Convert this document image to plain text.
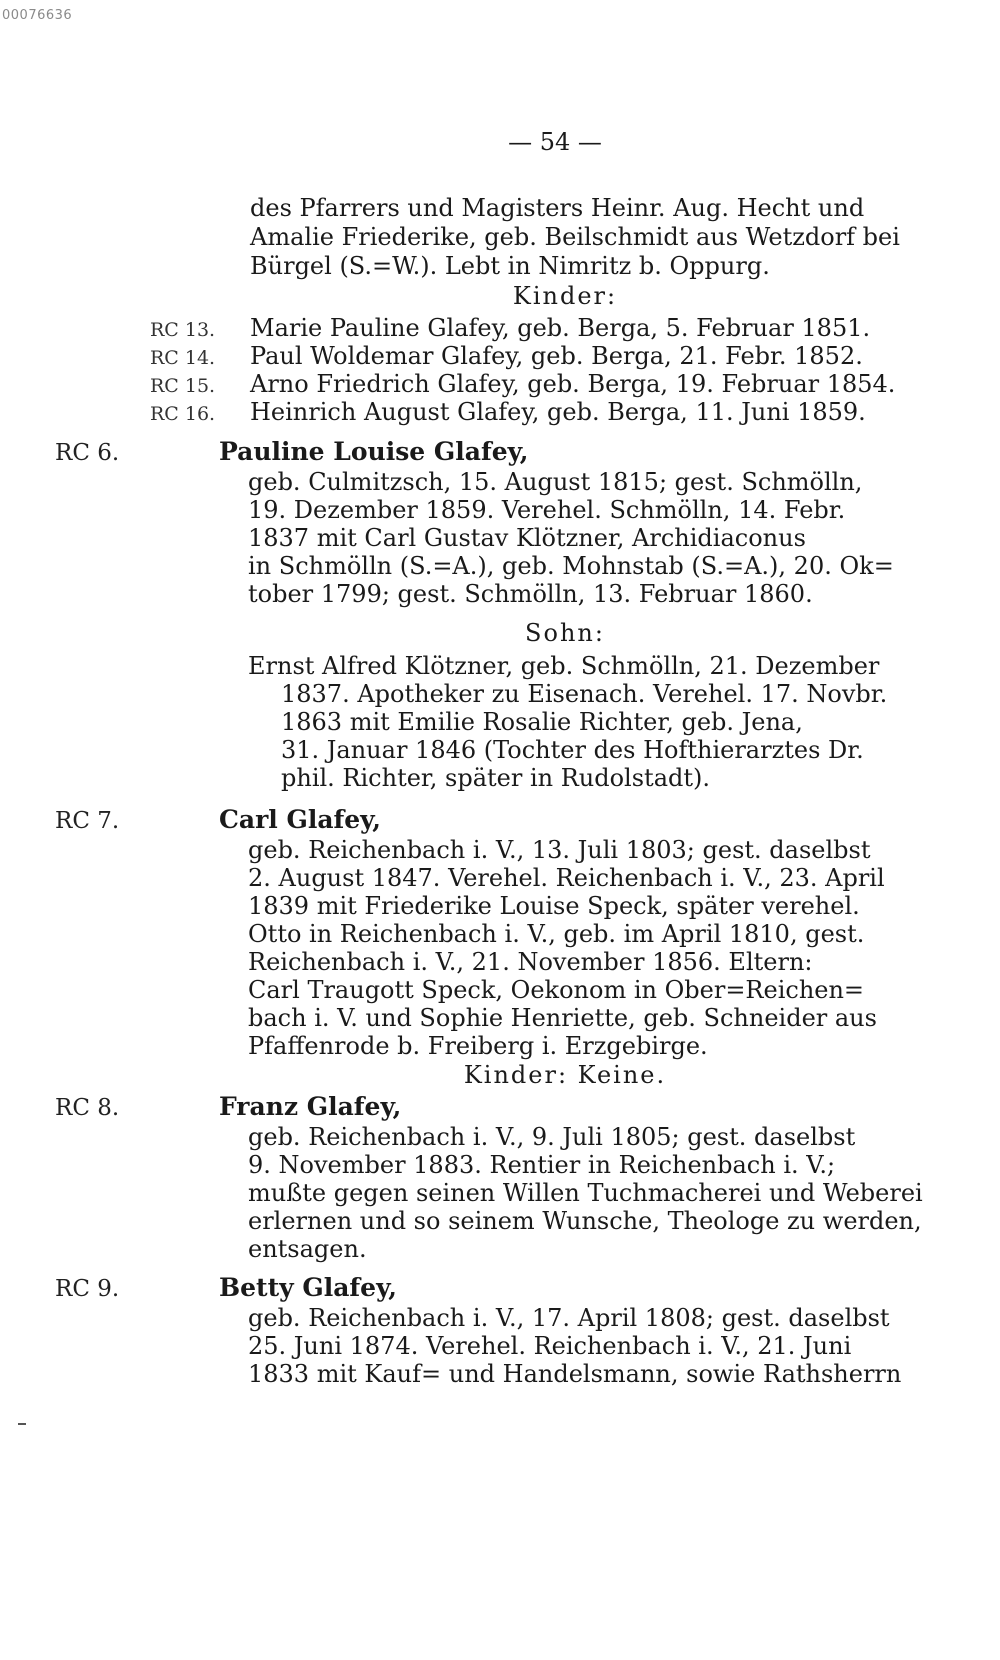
00076636
— 54 —
des Pfarrers und Magisters Heinr. Aug. Hecht und
Amalie Friederike, geb. Beilschmidt aus Wetzdorf bei
Bürgel (S.=W.). Lebt in Nimritz b. Oppurg.
Kinder:
RC 13. Marie Pauline Glafey, geb. Berga, 5. Februar 1851.
RC 14. Paul Woldemar Glafey, geb. Berga, 21. Febr. 1852.
RC 15. Arno Friedrich Glafey, geb. Berga, 19. Februar 1854.
RC 16. Heinrich August Glafey, geb. Berga, 11. Juni 1859.
RC 6.	Pauline Louise Glafey,
geb. Culmitzsch, 15. August 1815; gest. Schmölln,
19. Dezember 1859. Verehel. Schmölln, 14. Febr.
1837 mit Carl Gustav Klötzner, Archidiaconus
in Schmölln (S.=A.), geb. Mohnstab (S.=A.), 20. Ok=
tober 1799; gest. Schmölln, 13. Februar 1860.
Sohn:
Ernst Alfred Klötzner, geb. Schmölln, 21. Dezember
1837. Apotheker zu Eisenach. Verehel. 17. Novbr.
1863 mit Emilie Rosalie Richter, geb. Jena,
31. Januar 1846 (Tochter des Hofthierarztes Dr.
phil. Richter, später in Rudolstadt).
RC 7.	Carl Glafey,
geb. Reichenbach i. V., 13. Juli 1803; gest. daselbst
2. August 1847. Verehel. Reichenbach i. V., 23. April
1839 mit Friederike Louise Speck, später verehel.
Otto in Reichenbach i. V., geb. im April 1810, gest.
Reichenbach i. V., 21. November 1856. Eltern:
Carl Traugott Speck, Oekonom in Ober=Reichen=
bach i. V. und Sophie Henriette, geb. Schneider aus
Pfaffenrode b. Freiberg i. Erzgebirge.
Kinder: Keine.
RC 8.	Franz Glafey,
geb. Reichenbach i. V., 9. Juli 1805; gest. daselbst
9. November 1883. Rentier in Reichenbach i. V.;
mußte gegen seinen Willen Tuchmacherei und Weberei
erlernen und so seinem Wunsche, Theologe zu werden,
entsagen.
RC 9.	Betty Glafey,
geb. Reichenbach i. V., 17. April 1808; gest. daselbst
25. Juni 1874. Verehel. Reichenbach i. V., 21. Juni
1833 mit Kauf= und Handelsmann, sowie Rathsherrn
